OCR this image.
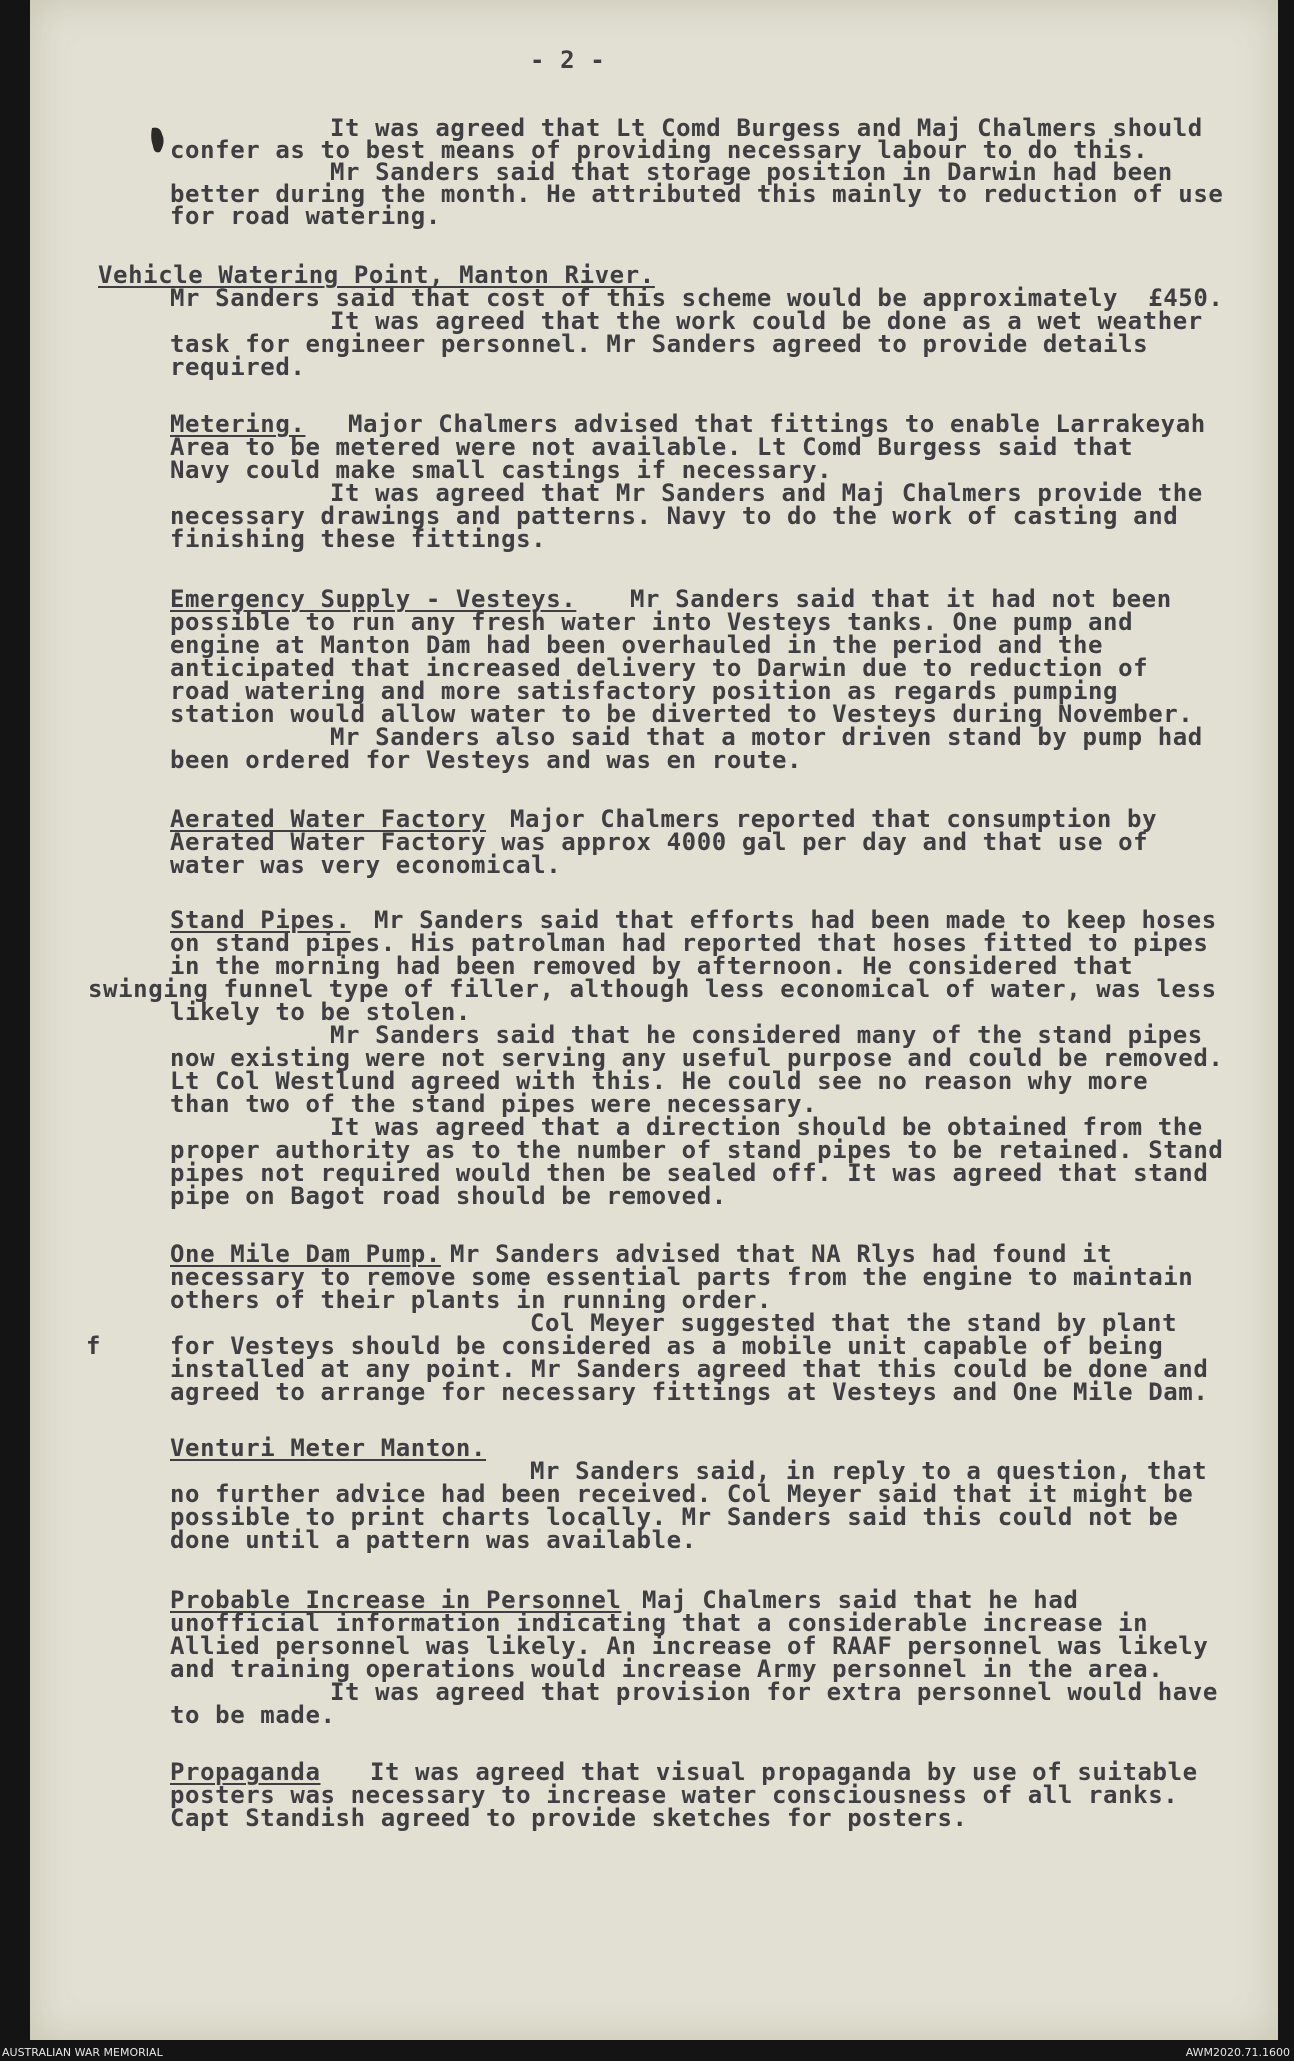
- 2 -
It was agreed that Lt Comd Burgess and Maj Chalmers should
confer as to best means of providing necessary labour to do this.
Mr Sanders said that storage position in Darwin had been
better during the month. He attributed this mainly to reduction of use
for road watering.
Vehicle Watering Point, Manton River.
Mr Sanders said that cost of this scheme would be approximately  £450.
It was agreed that the work could be done as a wet weather
task for engineer personnel. Mr Sanders agreed to provide details
required.
Metering. Major Chalmers advised that fittings to enable Larrakeyah
Area to be metered were not available. Lt Comd Burgess said that
Navy could make small castings if necessary.
It was agreed that Mr Sanders and Maj Chalmers provide the
necessary drawings and patterns. Navy to do the work of casting and
finishing these fittings.
Emergency Supply - Vesteys. Mr Sanders said that it had not been
possible to run any fresh water into Vesteys tanks. One pump and
engine at Manton Dam had been overhauled in the period and the
anticipated that increased delivery to Darwin due to reduction of
road watering and more satisfactory position as regards pumping
station would allow water to be diverted to Vesteys during November.
Mr Sanders also said that a motor driven stand by pump had
been ordered for Vesteys and was en route.
Aerated Water Factory Major Chalmers reported that consumption by
Aerated Water Factory was approx 4000 gal per day and that use of
water was very economical.
Stand Pipes. Mr Sanders said that efforts had been made to keep hoses
on stand pipes. His patrolman had reported that hoses fitted to pipes
in the morning had been removed by afternoon. He considered that
swinging funnel type of filler, although less economical of water, was less
likely to be stolen.
Mr Sanders said that he considered many of the stand pipes
now existing were not serving any useful purpose and could be removed.
Lt Col Westlund agreed with this. He could see no reason why more
than two of the stand pipes were necessary.
It was agreed that a direction should be obtained from the
proper authority as to the number of stand pipes to be retained. Stand
pipes not required would then be sealed off. It was agreed that stand
pipe on Bagot road should be removed.
One Mile Dam Pump. Mr Sanders advised that NA Rlys had found it
necessary to remove some essential parts from the engine to maintain
others of their plants in running order.
Col Meyer suggested that the stand by plant
f	for Vesteys should be considered as a mobile unit capable of being
installed at any point. Mr Sanders agreed that this could be done and
agreed to arrange for necessary fittings at Vesteys and One Mile Dam.
Venturi Meter Manton.
Mr Sanders said, in reply to a question, that
no further advice had been received. Col Meyer said that it might be
possible to print charts locally. Mr Sanders said this could not be
done until a pattern was available.
Probable Increase in Personnel Maj Chalmers said that he had
unofficial information indicating that a considerable increase in
Allied personnel was likely. An increase of RAAF personnel was likely
and training operations would increase Army personnel in the area.
It was agreed that provision for extra personnel would have
to be made.
Propaganda It was agreed that visual propaganda by use of suitable
posters was necessary to increase water consciousness of all ranks.
Capt Standish agreed to provide sketches for posters.
AUSTRALIAN WAR MEMORIAL	AWM2020.71.1600
